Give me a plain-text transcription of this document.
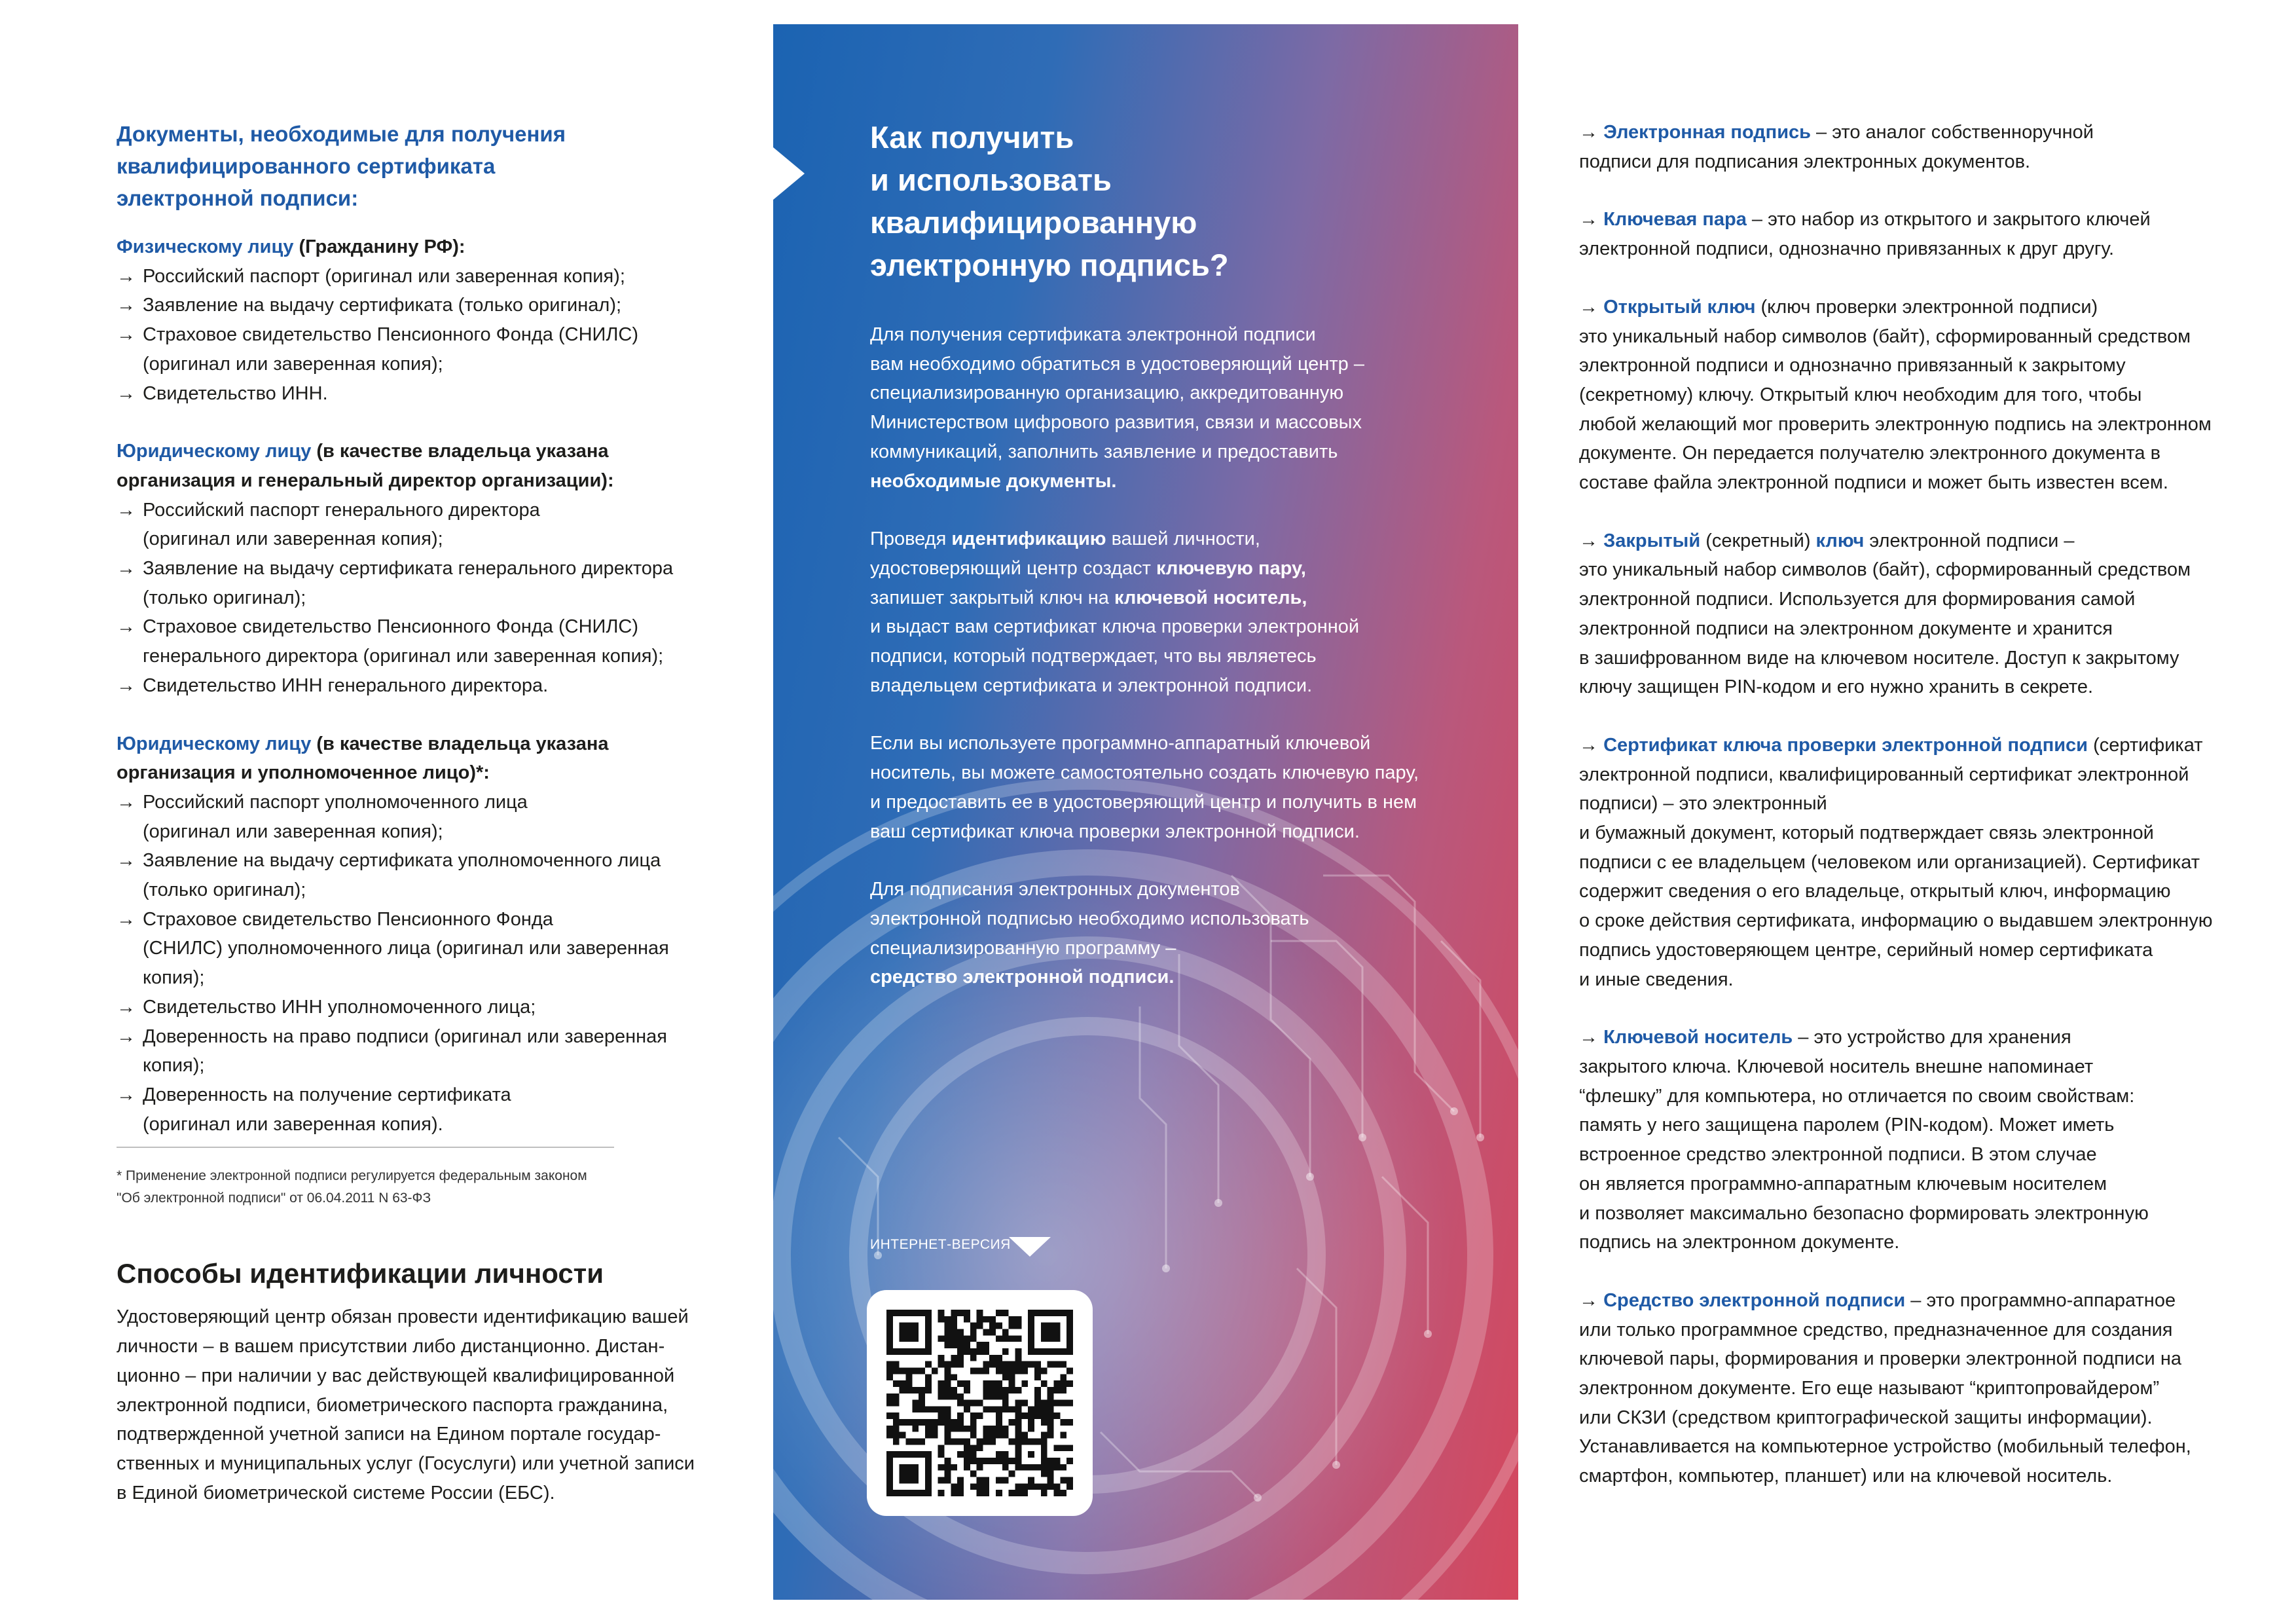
Документы, необходимые для получения
квалифицированного сертификата
электронной подписи:
Физическому лицу (Гражданину РФ):
→ Российский паспорт (оригинал или заверенная копия);
→ Заявление на выдачу сертификата (только оригинал);
→ Страховое свидетельство Пенсионного Фонда (СНИЛС)
(оригинал или заверенная копия);
→ Свидетельство ИНН.
Юридическому лицу (в качестве владельца указана
организация и генеральный директор организации):
→ Российский паспорт генерального директора
(оригинал или заверенная копия);
→ Заявление на выдачу сертификата генерального директора
(только оригинал);
→ Страховое свидетельство Пенсионного Фонда (СНИЛС)
генерального директора (оригинал или заверенная копия);
→ Свидетельство ИНН генерального директора.
Юридическому лицу (в качестве владельца указана
организация и уполномоченное лицо)*:
→ Российский паспорт уполномоченного лица
(оригинал или заверенная копия);
→ Заявление на выдачу сертификата уполномоченного лица
(только оригинал);
→ Страховое свидетельство Пенсионного Фонда
(СНИЛС) уполномоченного лица (оригинал или заверенная
копия);
→ Свидетельство ИНН уполномоченного лица;
→ Доверенность на право подписи (оригинал или заверенная
копия);
→ Доверенность на получение сертификата
(оригинал или заверенная копия).
* Применение электронной подписи регулируется федеральным законом
"Об электронной подписи" от 06.04.2011 N 63-ФЗ
Способы идентификации личности
Удостоверяющий центр обязан провести идентификацию вашей
личности – в вашем присутствии либо дистанционно. Дистан-
ционно – при наличии у вас действующей квалифицированной
электронной подписи, биометрического паспорта гражданина,
подтвержденной учетной записи на Едином портале государ-
ственных и муниципальных услуг (Госуслуги) или учетной записи
в Единой биометрической системе России (ЕБС).
Как получить
и использовать
квалифицированную
электронную подпись?
Для получения сертификата электронной подписи
вам необходимо обратиться в удостоверяющий центр –
специализированную организацию, аккредитованную
Министерством цифрового развития, связи и массовых
коммуникаций, заполнить заявление и предоставить
необходимые документы.
Проведя идентификацию вашей личности,
удостоверяющий центр создаст ключевую пару,
запишет закрытый ключ на ключевой носитель,
и выдаст вам сертификат ключа проверки электронной
подписи, который подтверждает, что вы являетесь
владельцем сертификата и электронной подписи.
Если вы используете программно-аппаратный ключевой
носитель, вы можете самостоятельно создать ключевую пару,
и предоставить ее в удостоверяющий центр и получить в нем
ваш сертификат ключа проверки электронной подписи.
Для подписания электронных документов
электронной подписью необходимо использовать
специализированную программу –
средство электронной подписи.
ИНТЕРНЕТ-ВЕРСИЯ
→ Электронная подпись – это аналог собственноручной
подписи для подписания электронных документов.
→ Ключевая пара – это набор из открытого и закрытого ключей
электронной подписи, однозначно привязанных к друг другу.
→ Открытый ключ (ключ проверки электронной подписи)
это уникальный набор символов (байт), сформированный средством
электронной подписи и однозначно привязанный к закрытому
(секретному) ключу. Открытый ключ необходим для того, чтобы
любой желающий мог проверить электронную подпись на электронном
документе. Он передается получателю электронного документа в
составе файла электронной подписи и может быть известен всем.
→ Закрытый (секретный) ключ электронной подписи –
это уникальный набор символов (байт), сформированный средством
электронной подписи. Используется для формирования самой
электронной подписи на электронном документе и хранится
в зашифрованном виде на ключевом носителе. Доступ к закрытому
ключу защищен PIN-кодом и его нужно хранить в секрете.
→ Сертификат ключа проверки электронной подписи (сертификат
электронной подписи, квалифицированный сертификат электронной
подписи) – это электронный
и бумажный документ, который подтверждает связь электронной
подписи с ее владельцем (человеком или организацией). Сертификат
содержит сведения о его владельце, открытый ключ, информацию
о сроке действия сертификата, информацию о выдавшем электронную
подпись удостоверяющем центре, серийный номер сертификата
и иные сведения.
→ Ключевой носитель – это устройство для хранения
закрытого ключа. Ключевой носитель внешне напоминает
“флешку” для компьютера, но отличается по своим свойствам:
память у него защищена паролем (PIN-кодом). Может иметь
встроенное средство электронной подписи. В этом случае
он является программно-аппаратным ключевым носителем
и позволяет максимально безопасно формировать электронную
подпись на электронном документе.
→ Средство электронной подписи – это программно-аппаратное
или только программное средство, предназначенное для создания
ключевой пары, формирования и проверки электронной подписи на
электронном документе. Его еще называют “криптопровайдером”
или СКЗИ (средством криптографической защиты информации).
Устанавливается на компьютерное устройство (мобильный телефон,
смартфон, компьютер, планшет) или на ключевой носитель.
